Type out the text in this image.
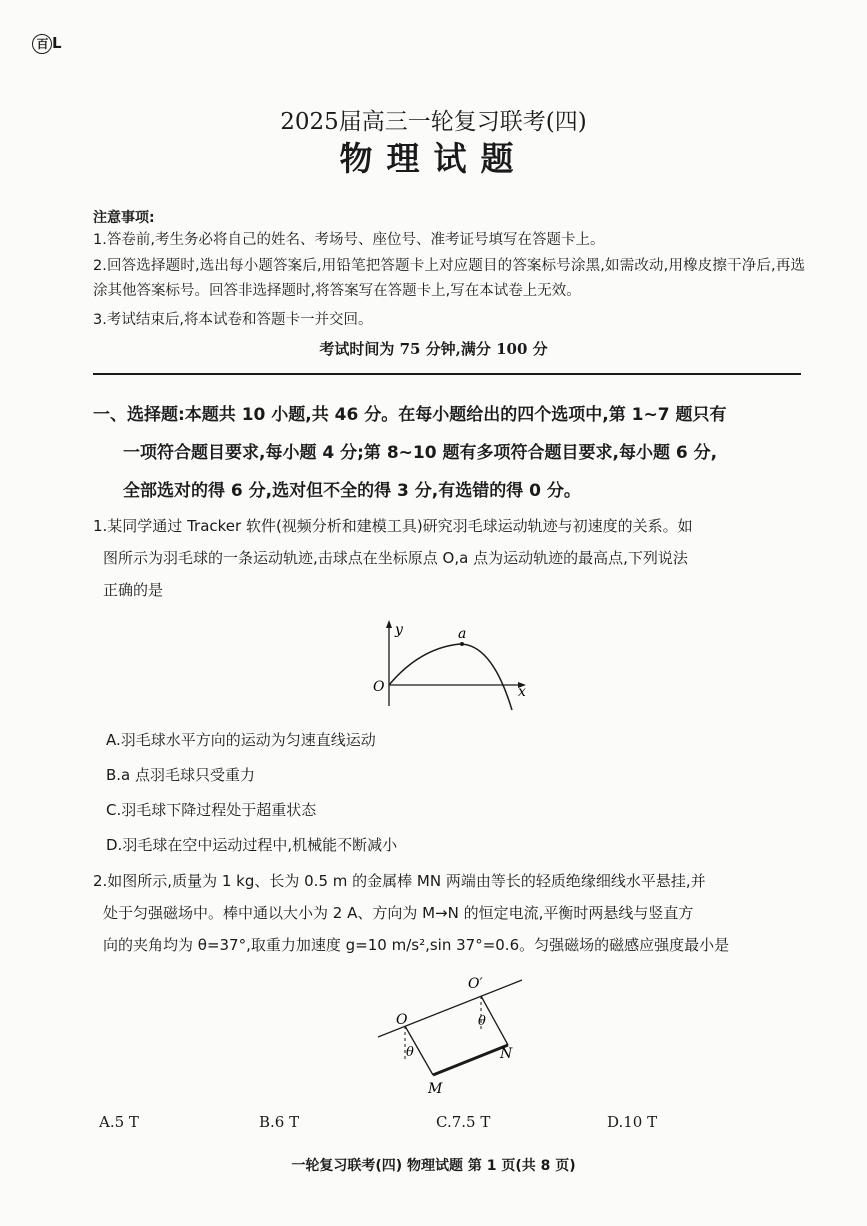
百 L
2025届高三一轮复习联考(四)
物理试题
注意事项:
1.答卷前,考生务必将自己的姓名、考场号、座位号、准考证号填写在答题卡上。
2.回答选择题时,选出每小题答案后,用铅笔把答题卡上对应题目的答案标号涂黑,如需改动,用橡皮擦干净后,再选涂其他答案标号。回答非选择题时,将答案写在答题卡上,写在本试卷上无效。
3.考试结束后,将本试卷和答题卡一并交回。
考试时间为 75 分钟,满分 100 分
一、选择题:本题共 10 小题,共 46 分。在每小题给出的四个选项中,第 1~7 题只有
一项符合题目要求,每小题 4 分;第 8~10 题有多项符合题目要求,每小题 6 分,
全部选对的得 6 分,选对但不全的得 3 分,有选错的得 0 分。
1.某同学通过 Tracker 软件(视频分析和建模工具)研究羽毛球运动轨迹与初速度的关系。如

图所示为羽毛球的一条运动轨迹,击球点在坐标原点 O,a 点为运动轨迹的最高点,下列说法
正确的是
y
x
O
a
A.羽毛球水平方向的运动为匀速直线运动
B.a 点羽毛球只受重力
C.羽毛球下降过程处于超重状态
D.羽毛球在空中运动过程中,机械能不断减小
2.如图所示,质量为 1 kg、长为 0.5 m 的金属棒 MN 两端由等长的轻质绝缘细线水平悬挂,并

处于匀强磁场中。棒中通以大小为 2 A、方向为 M→N 的恒定电流,平衡时两悬线与竖直方
向的夹角均为 θ=37°,取重力加速度 g=10 m/s²,sin 37°=0.6。匀强磁场的磁感应强度最小是
O
O′
M
N
θ
θ
A.5 T	B.6 T	C.7.5 T	D.10 T
一轮复习联考(四) 物理试题 第 1 页(共 8 页)
